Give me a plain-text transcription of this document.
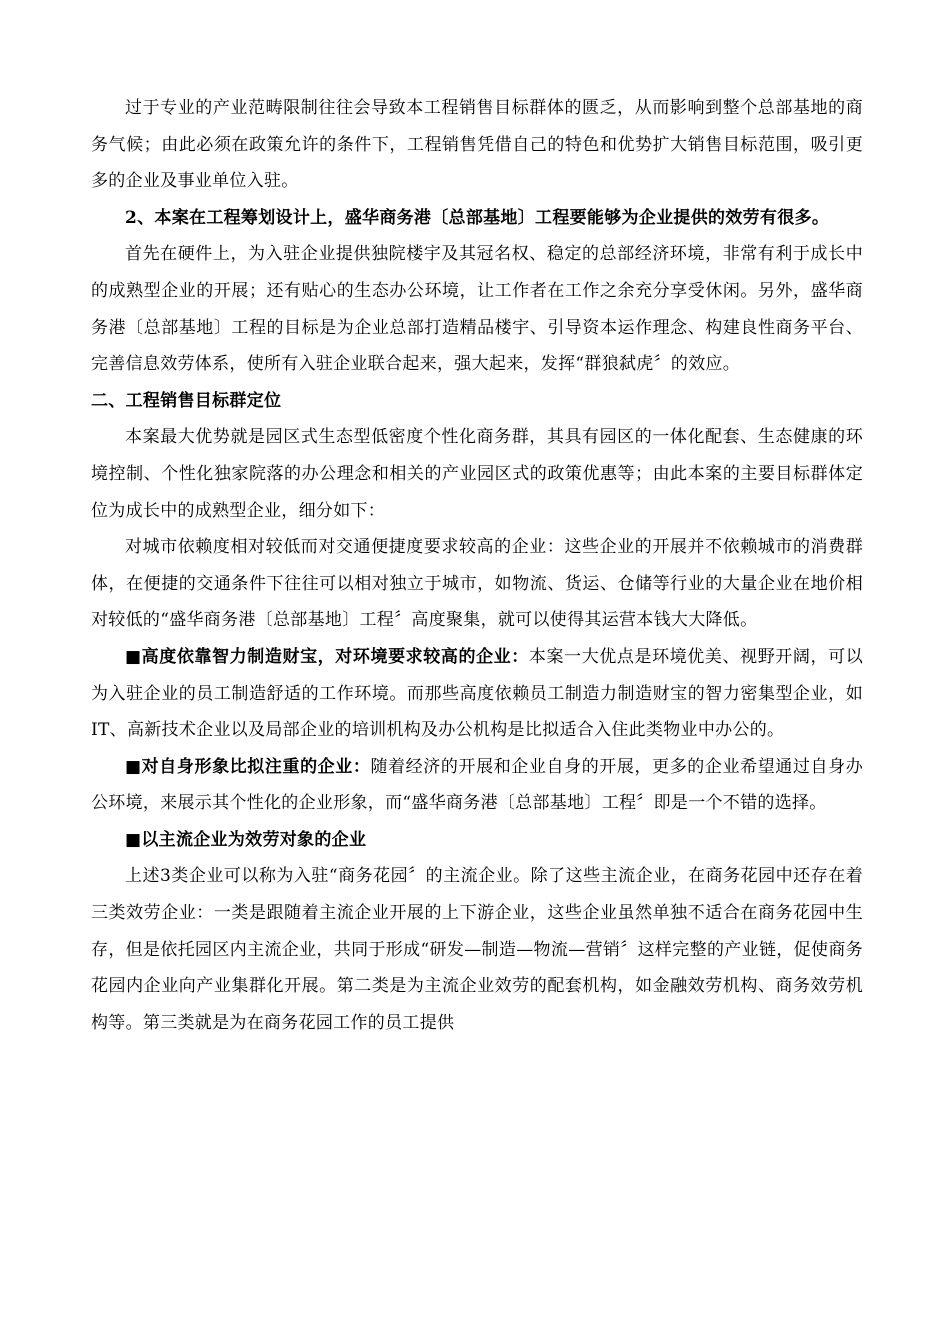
过于专业的产业范畴限制往往会导致本工程销售目标群体的匮乏，从而影响到整个总部基地的商务气候；由此必须在政策允许的条件下，工程销售凭借自己的特色和优势扩大销售目标范围，吸引更多的企业及事业单位入驻。

2、本案在工程筹划设计上，盛华商务港〔总部基地〕工程要能够为企业提供的效劳有很多。

首先在硬件上，为入驻企业提供独院楼宇及其冠名权、稳定的总部经济环境，非常有利于成长中的成熟型企业的开展；还有贴心的生态办公环境，让工作者在工作之余充分享受休闲。另外，盛华商务港〔总部基地〕工程的目标是为企业总部打造精品楼宇、引导资本运作理念、构建良性商务平台、完善信息效劳体系，使所有入驻企业联合起来，强大起来，发挥“群狼弑虎〞的效应。

二、工程销售目标群定位

本案最大优势就是园区式生态型低密度个性化商务群，其具有园区的一体化配套、生态健康的环境控制、个性化独家院落的办公理念和相关的产业园区式的政策优惠等；由此本案的主要目标群体定位为成长中的成熟型企业，细分如下：

对城市依赖度相对较低而对交通便捷度要求较高的企业：这些企业的开展并不依赖城市的消费群体，在便捷的交通条件下往往可以相对独立于城市，如物流、货运、仓储等行业的大量企业在地价相对较低的“盛华商务港〔总部基地〕工程〞高度聚集，就可以使得其运营本钱大大降低。

■高度依靠智力制造财宝，对环境要求较高的企业：本案一大优点是环境优美、视野开阔，可以为入驻企业的员工制造舒适的工作环境。而那些高度依赖员工制造力制造财宝的智力密集型企业，如IT、高新技术企业以及局部企业的培训机构及办公机构是比拟适合入住此类物业中办公的。

■对自身形象比拟注重的企业：随着经济的开展和企业自身的开展，更多的企业希望通过自身办公环境，来展示其个性化的企业形象，而“盛华商务港〔总部基地〕工程〞即是一个不错的选择。

■以主流企业为效劳对象的企业

上述3类企业可以称为入驻“商务花园〞的主流企业。除了这些主流企业，在商务花园中还存在着三类效劳企业：一类是跟随着主流企业开展的上下游企业，这些企业虽然单独不适合在商务花园中生存，但是依托园区内主流企业，共同于形成“研发—制造—物流—营销〞这样完整的产业链，促使商务花园内企业向产业集群化开展。第二类是为主流企业效劳的配套机构，如金融效劳机构、商务效劳机构等。第三类就是为在商务花园工作的员工提供
